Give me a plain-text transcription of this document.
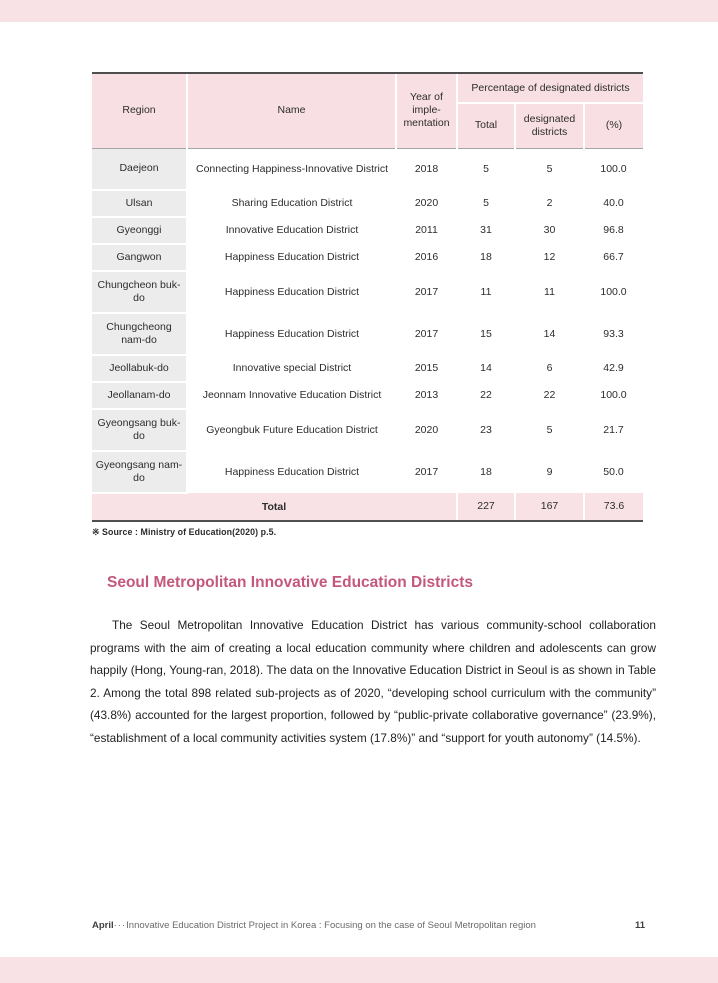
Region	Name	Year of imple-mentation	Percentage of designated districts		
			Total	designated districts	(%)
Daejeon	Connecting Happiness-Innovative District	2018	5	5	100.0
Ulsan	Sharing Education District	2020	5	2	40.0
Gyeonggi	Innovative Education District	2011	31	30	96.8
Gangwon	Happiness Education District	2016	18	12	66.7
Chungcheon buk-do	Happiness Education District	2017	11	11	100.0
Chungcheong nam-do	Happiness Education District	2017	15	14	93.3
Jeollabuk-do	Innovative special District	2015	14	6	42.9
Jeollanam-do	Jeonnam Innovative Education District	2013	22	22	100.0
Gyeongsang buk-do	Gyeongbuk Future Education District	2020	23	5	21.7
Gyeongsang nam-do	Happiness Education District	2017	18	9	50.0
Total			227	167	73.6
※ Source : Ministry of Education(2020) p.5.
Seoul Metropolitan Innovative Education Districts

The Seoul Metropolitan Innovative Education District has various community-school collaboration programs with the aim of creating a local education community where children and adolescents can grow happily (Hong, Young-ran, 2018). The data on the Innovative Education District in Seoul is as shown in Table 2. Among the total 898 related sub-projects as of 2020, “developing school curriculum with the community” (43.8%) accounted for the largest proportion, followed by “public-private collaborative governance” (23.9%), “establishment of a local community activities system (17.8%)” and “support for youth autonomy” (14.5%).

April···Innovative Education District Project in Korea : Focusing on the case of Seoul Metropolitan region	11
